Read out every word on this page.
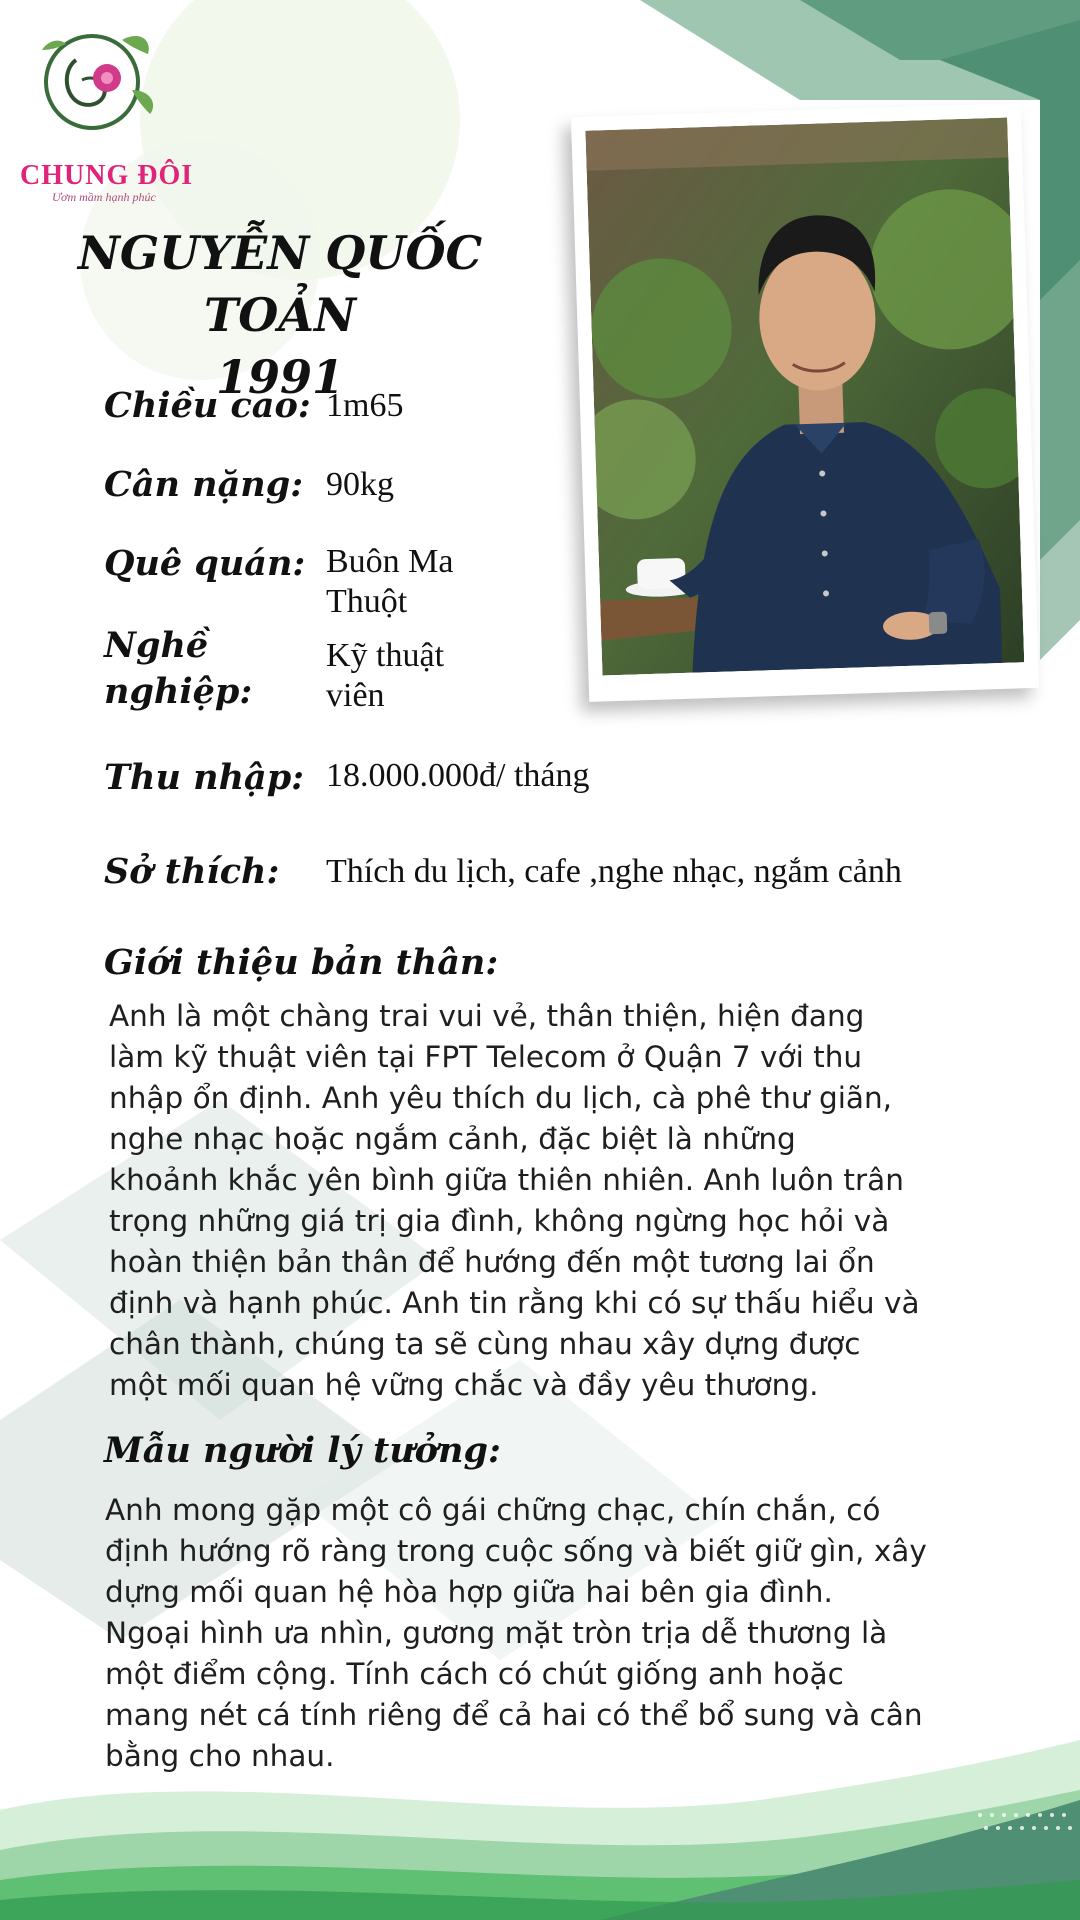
CHUNG ĐÔI
Ươm mầm hạnh phúc
NGUYỄN QUỐC TOẢN
1991
Chiều cao: 1m65
Cân nặng: 90kg
Quê quán: Buôn Ma
Thuột
Nghề
nghiệp:
Kỹ thuật
viên
Thu nhập: 18.000.000đ/ tháng
Sở thích: Thích du lịch, cafe ,nghe nhạc, ngắm cảnh
Giới thiệu bản thân:
Anh là một chàng trai vui vẻ, thân thiện, hiện đang
làm kỹ thuật viên tại FPT Telecom ở Quận 7 với thu
nhập ổn định. Anh yêu thích du lịch, cà phê thư giãn,
nghe nhạc hoặc ngắm cảnh, đặc biệt là những
khoảnh khắc yên bình giữa thiên nhiên. Anh luôn trân
trọng những giá trị gia đình, không ngừng học hỏi và
hoàn thiện bản thân để hướng đến một tương lai ổn
định và hạnh phúc. Anh tin rằng khi có sự thấu hiểu và
chân thành, chúng ta sẽ cùng nhau xây dựng được
một mối quan hệ vững chắc và đầy yêu thương.
Mẫu người lý tưởng:
Anh mong gặp một cô gái chững chạc, chín chắn, có
định hướng rõ ràng trong cuộc sống và biết giữ gìn, xây
dựng mối quan hệ hòa hợp giữa hai bên gia đình.
Ngoại hình ưa nhìn, gương mặt tròn trịa dễ thương là
một điểm cộng. Tính cách có chút giống anh hoặc
mang nét cá tính riêng để cả hai có thể bổ sung và cân
bằng cho nhau.
